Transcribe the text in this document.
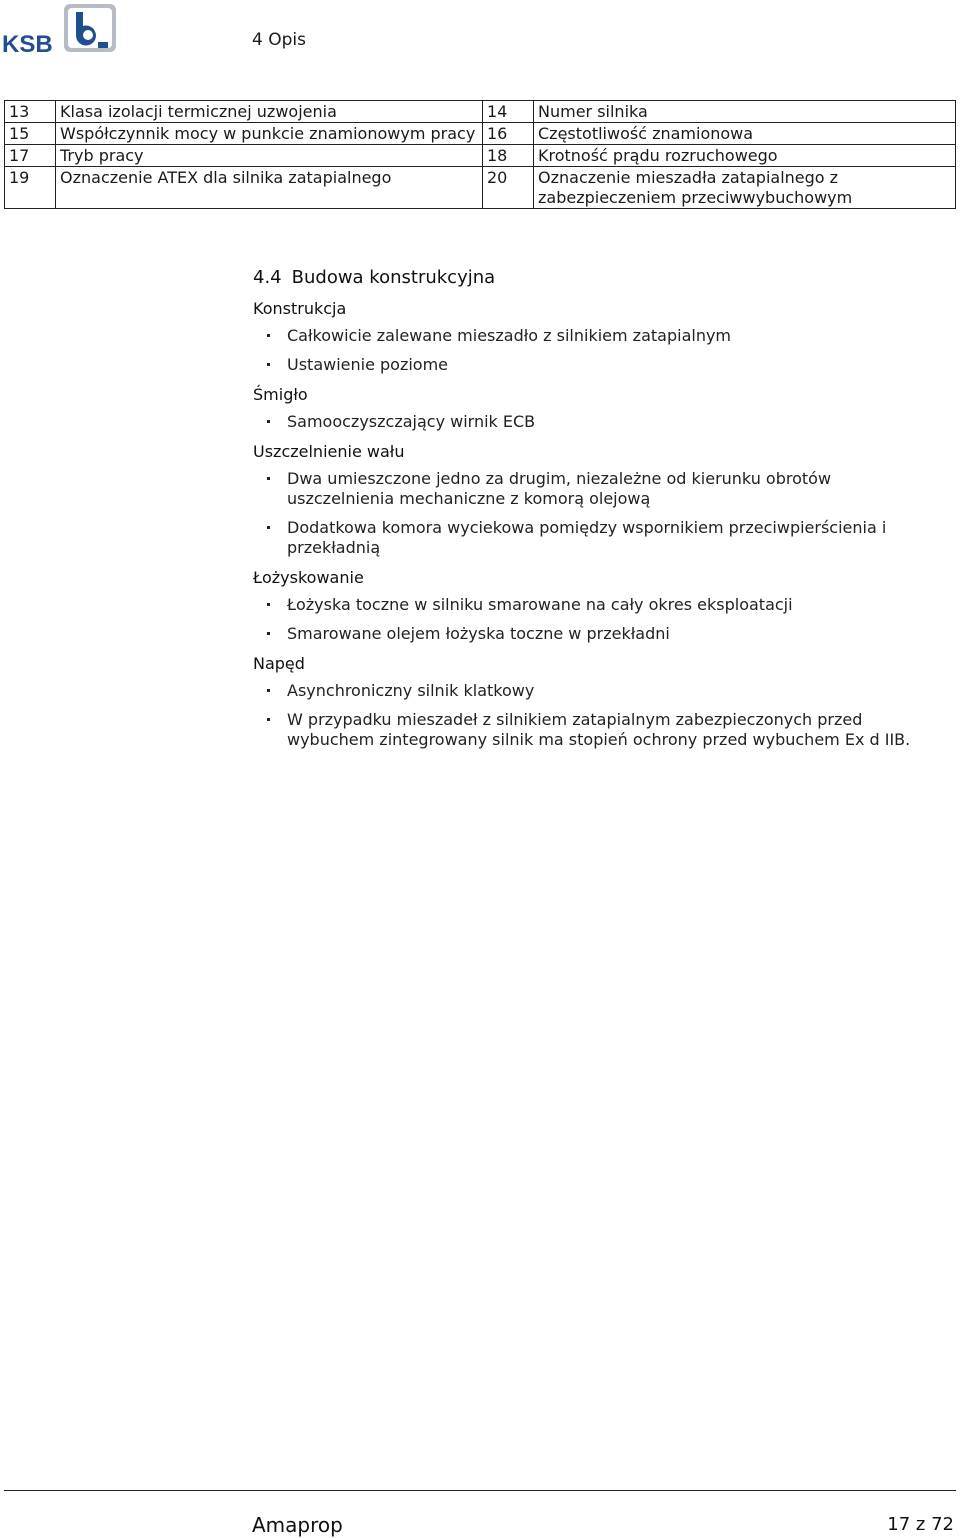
KSB	4 Opis
13	Klasa izolacji termicznej uzwojenia	14	Numer silnika
15	Współczynnik mocy w punkcie znamionowym pracy	16	Częstotliwość znamionowa
17	Tryb pracy	18	Krotność prądu rozruchowego
19	Oznaczenie ATEX dla silnika zatapialnego	20	Oznaczenie mieszadła zatapialnego z zabezpieczeniem przeciwwybuchowym
4.4 Budowa konstrukcyjna
Konstrukcja
Całkowicie zalewane mieszadło z silnikiem zatapialnym
Ustawienie poziome
Śmigło
Samooczyszczający wirnik ECB
Uszczelnienie wału
Dwa umieszczone jedno za drugim, niezależne od kierunku obrotów uszczelnienia mechaniczne z komorą olejową
Dodatkowa komora wyciekowa pomiędzy wspornikiem przeciwpierścienia i przekładnią
Łożyskowanie
Łożyska toczne w silniku smarowane na cały okres eksploatacji
Smarowane olejem łożyska toczne w przekładni
Napęd
Asynchroniczny silnik klatkowy
W przypadku mieszadeł z silnikiem zatapialnym zabezpieczonych przed wybuchem zintegrowany silnik ma stopień ochrony przed wybuchem Ex d IIB.
Amaprop	17 z 72
